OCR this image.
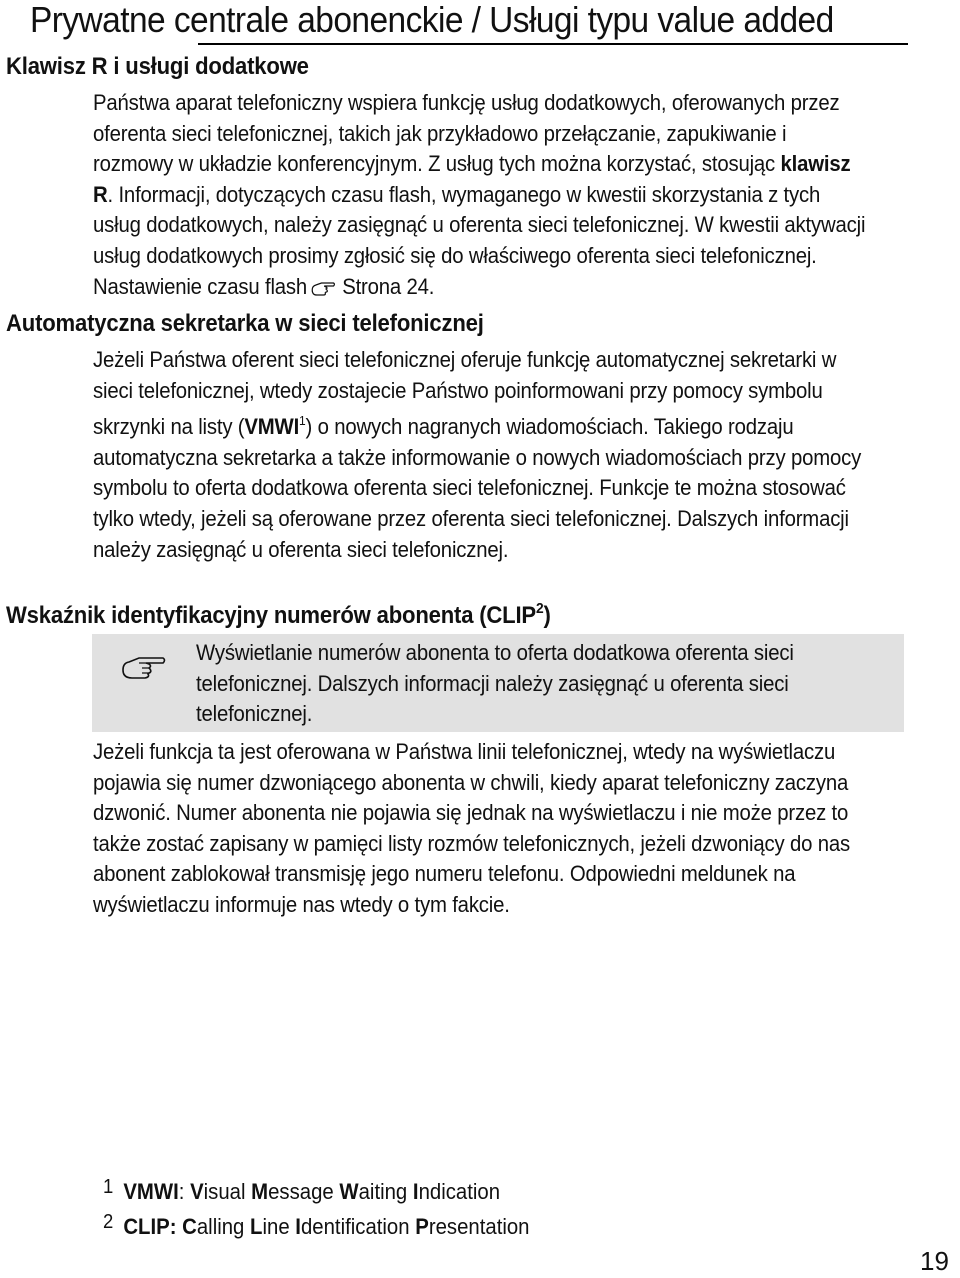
Prywatne centrale abonenckie / Usługi typu value added
Klawisz R i usługi dodatkowe

Państwa aparat telefoniczny wspiera funkcję usług dodatkowych, oferowanych przez oferenta sieci telefonicznej, takich jak przykładowo przełączanie, zapukiwanie i rozmowy w układzie konferencyjnym. Z usług tych można korzystać, stosując klawisz R. Informacji, dotyczących czasu flash, wymaganego w kwestii skorzystania z tych usług dodatkowych, należy zasięgnąć u oferenta sieci telefonicznej. W kwestii aktywacji usług dodatkowych prosimy zgłosić się do właściwego oferenta sieci telefonicznej. Nastawienie czasu flash Strona 24.

Automatyczna sekretarka w sieci telefonicznej

Jeżeli Państwa oferent sieci telefonicznej oferuje funkcję automatycznej sekretarki w sieci telefonicznej, wtedy zostajecie Państwo poinformowani przy pomocy symbolu skrzynki na listy (VMWI$^1$) o nowych nagranych wiadomościach. Takiego rodzaju automatyczna sekretarka a także informowanie o nowych wiadomościach przy pomocy symbolu to oferta dodatkowa oferenta sieci telefonicznej. Funkcje te można stosować tylko wtedy, jeżeli są oferowane przez oferenta sieci telefonicznej. Dalszych informacji należy zasięgnąć u oferenta sieci telefonicznej.

Wskaźnik identyfikacyjny numerów abonenta (CLIP$^2$)

Wyświetlanie numerów abonenta to oferta dodatkowa oferenta sieci telefonicznej. Dalszych informacji należy zasięgnąć u oferenta sieci telefonicznej.

Jeżeli funkcja ta jest oferowana w Państwa linii telefonicznej, wtedy na wyświetlaczu pojawia się numer dzwoniącego abonenta w chwili, kiedy aparat telefoniczny zaczyna dzwonić. Numer abonenta nie pojawia się jednak na wyświetlaczu i nie może przez to także zostać zapisany w pamięci listy rozmów telefonicznych, jeżeli dzwoniący do nas abonent zablokował transmisję jego numeru telefonu. Odpowiedni meldunek na wyświetlaczu informuje nas wtedy o tym fakcie.

1 VMWI: Visual Message Waiting Indication

2 CLIP: Calling Line Identification Presentation

19
